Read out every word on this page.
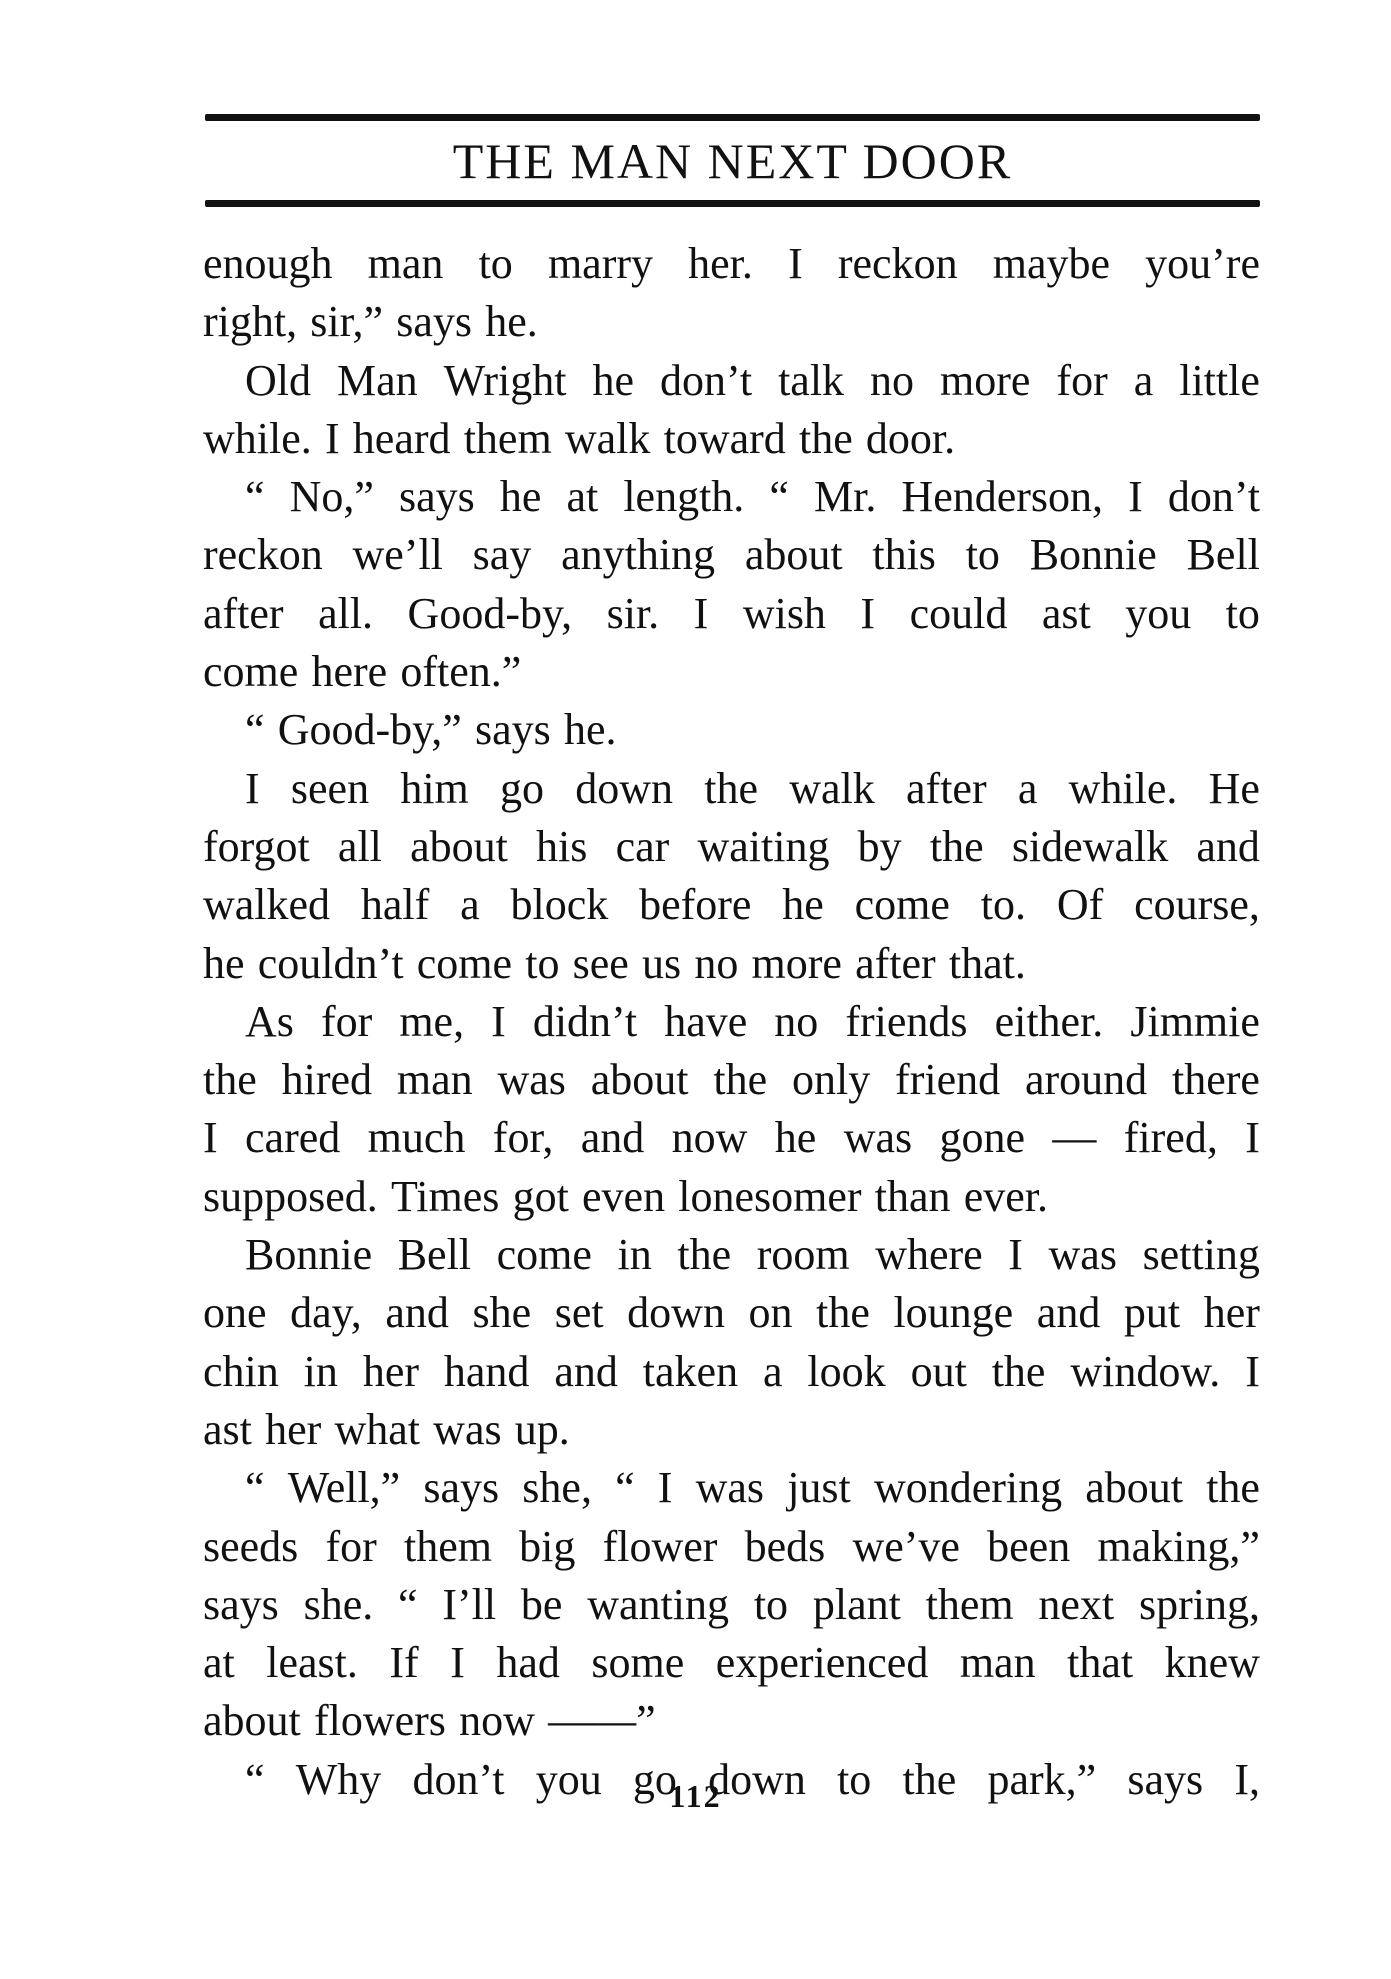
THE MAN NEXT DOOR
enough man to marry her. I reckon maybe you’re
right, sir,” says he.
Old Man Wright he don’t talk no more for a little
while. I heard them walk toward the door.
“ No,” says he at length. “ Mr. Henderson, I don’t
reckon we’ll say anything about this to Bonnie Bell
after all. Good-by, sir. I wish I could ast you to
come here often.”
“ Good-by,” says he.
I seen him go down the walk after a while. He
forgot all about his car waiting by the sidewalk and
walked half a block before he come to. Of course,
he couldn’t come to see us no more after that.
As for me, I didn’t have no friends either. Jimmie
the hired man was about the only friend around there
I cared much for, and now he was gone — fired, I
supposed. Times got even lonesomer than ever.
Bonnie Bell come in the room where I was setting
one day, and she set down on the lounge and put her
chin in her hand and taken a look out the window. I
ast her what was up.
“ Well,” says she, “ I was just wondering about the
seeds for them big flower beds we’ve been making,”
says she. “ I’ll be wanting to plant them next spring,
at least. If I had some experienced man that knew
about flowers now ——”
“ Why don’t you go down to the park,” says I,
112
